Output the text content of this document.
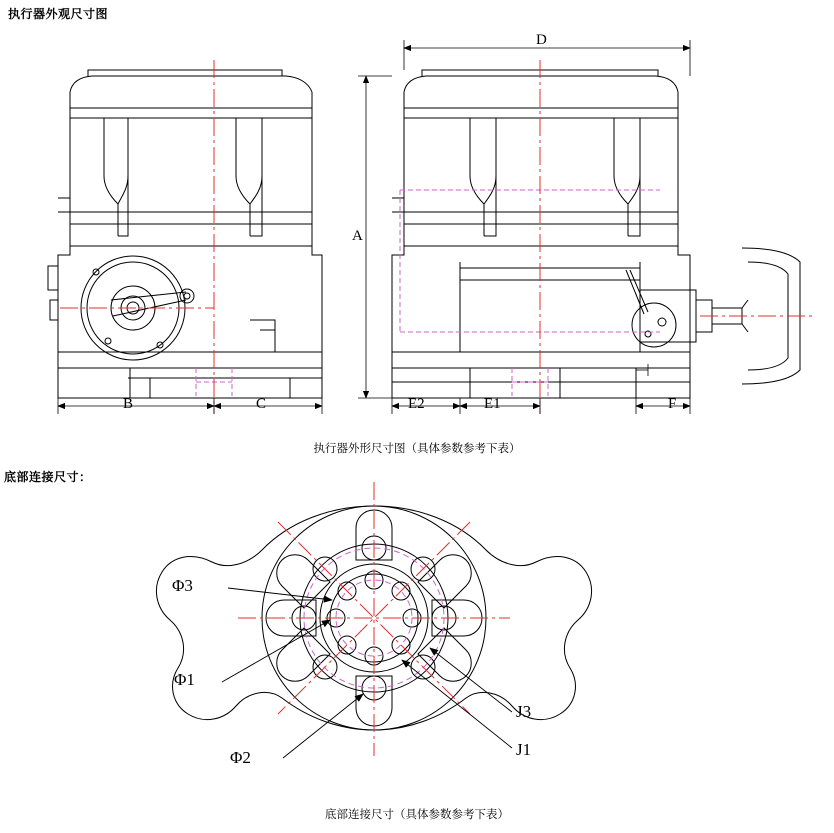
执行器外观尺寸图
底部连接尺寸：
B	C
D
A
E2	E1	F
Φ3
Φ1
Φ2
J3
J1
执行器外形尺寸图（具体参数参考下表）
底部连接尺寸（具体参数参考下表）
